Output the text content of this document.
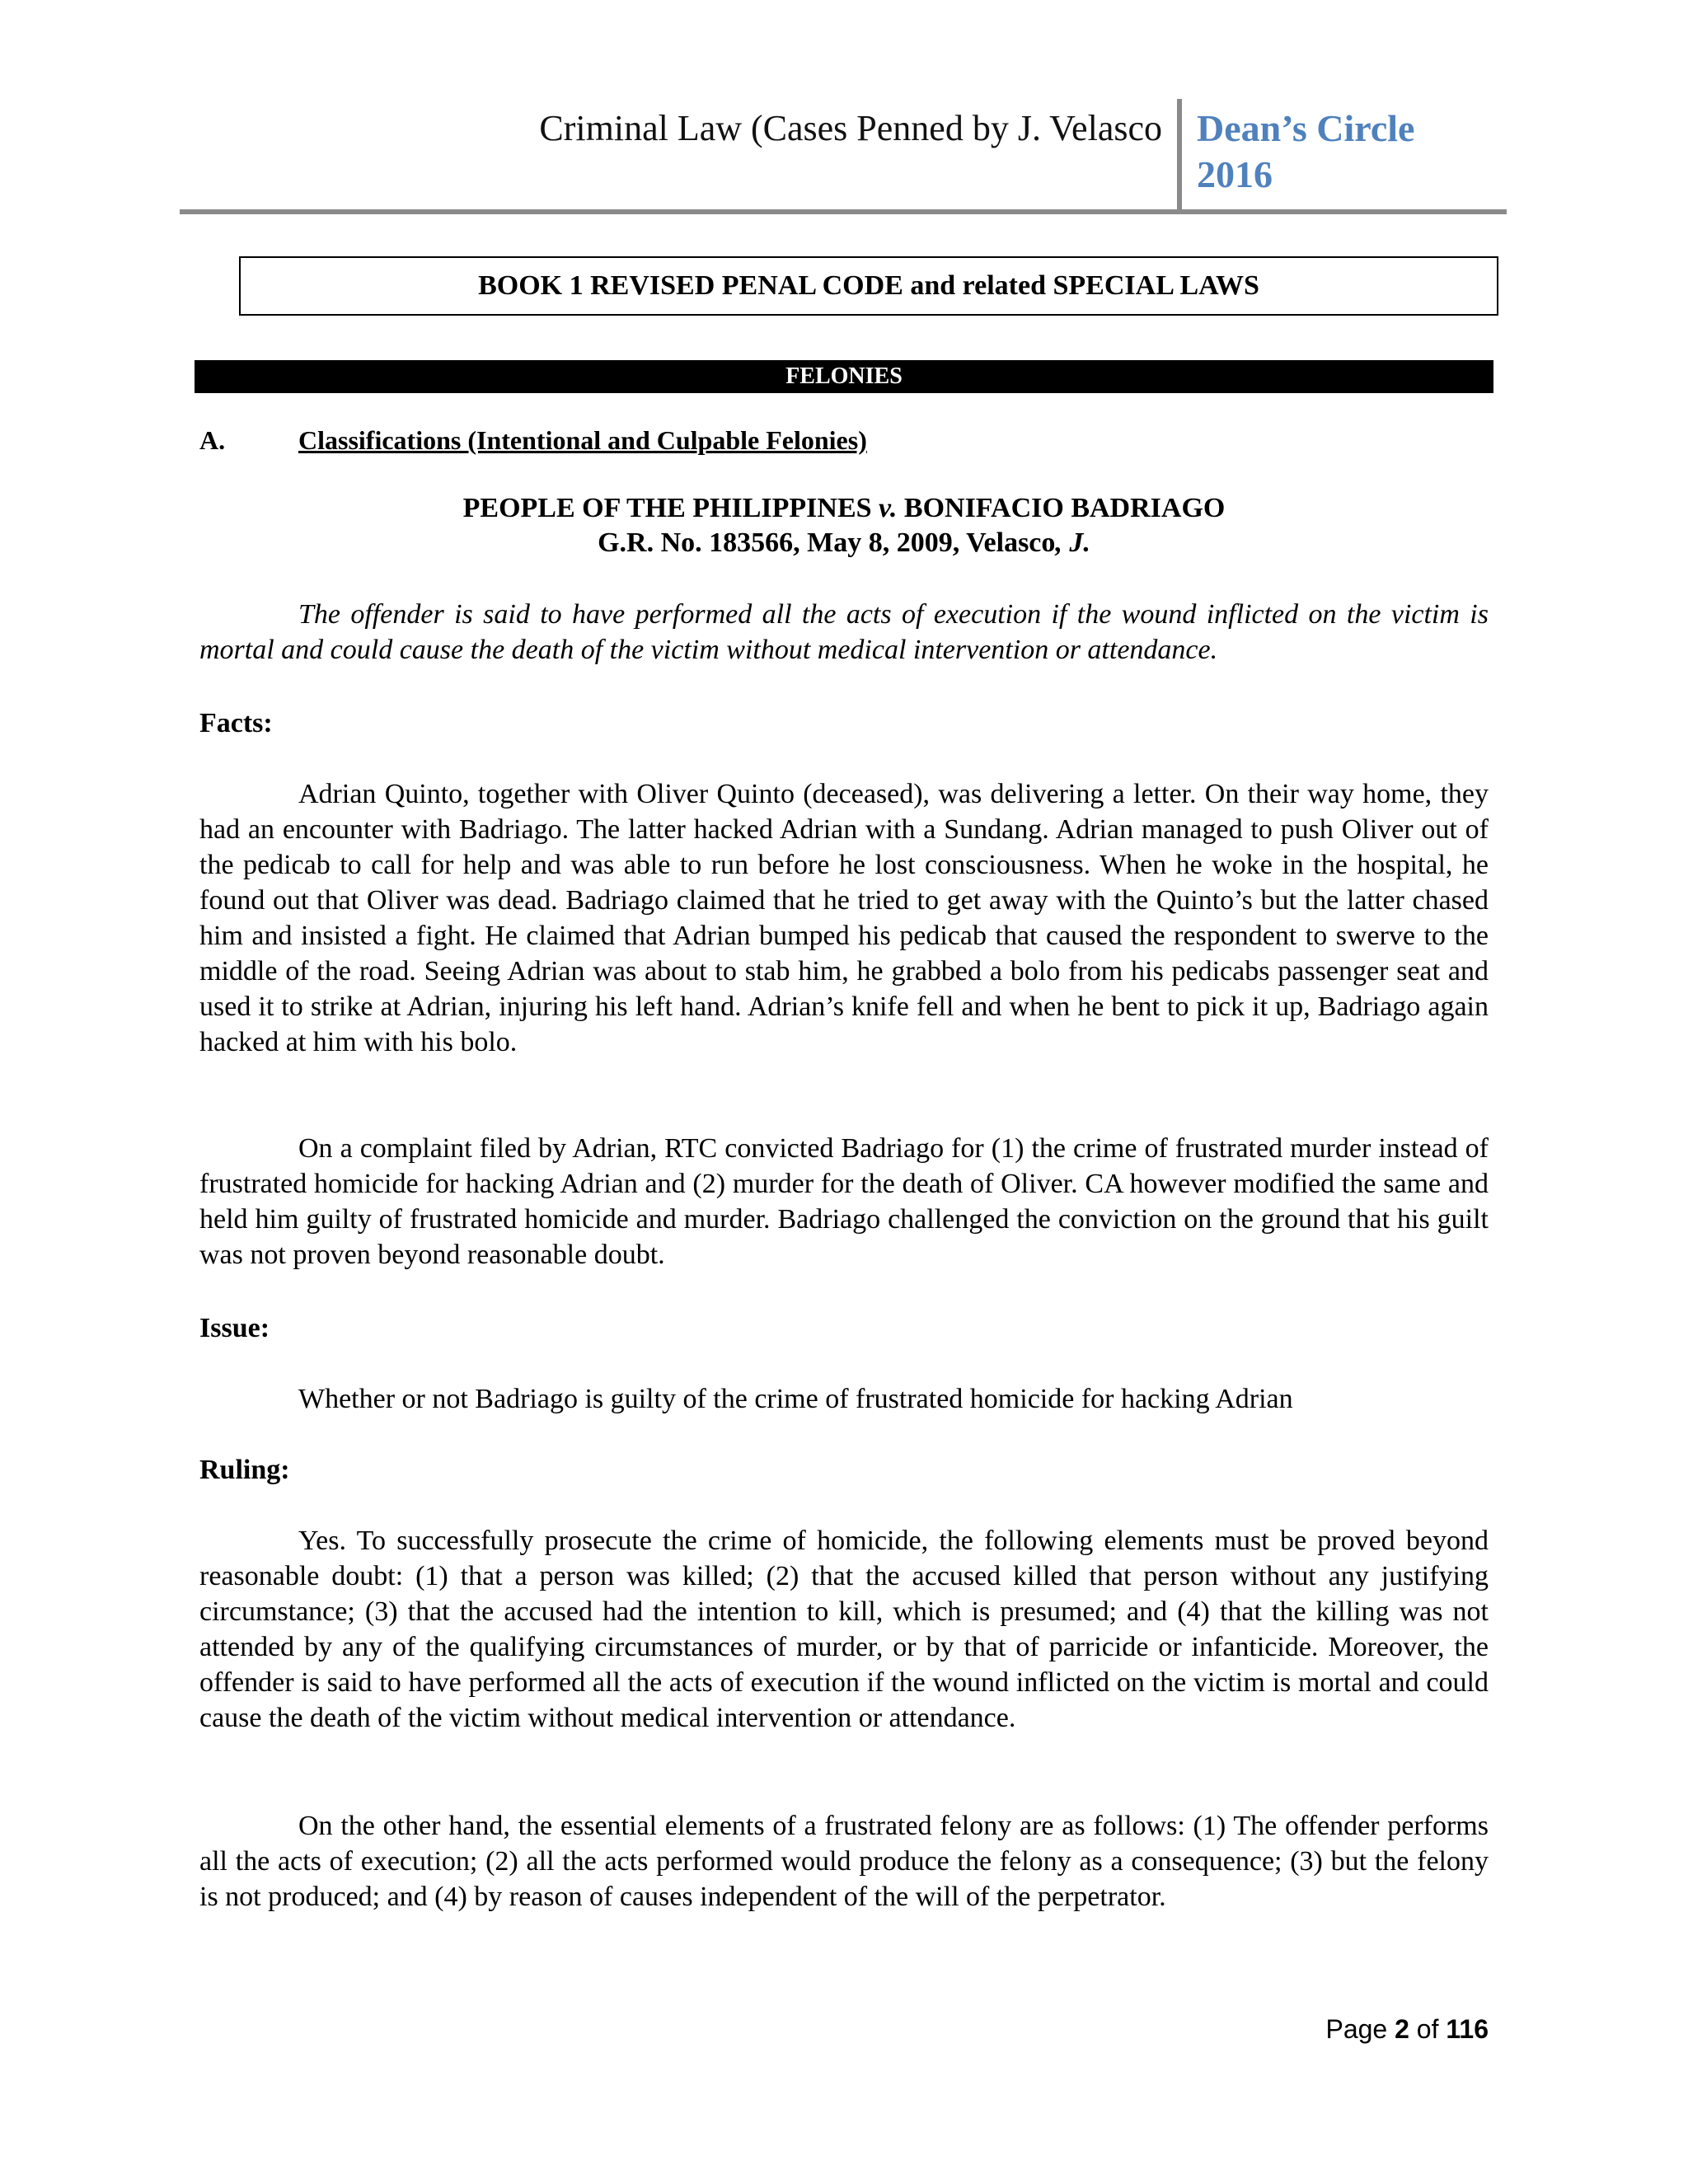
Criminal Law (Cases Penned by J. Velasco Dean’s Circle
2016
BOOK 1 REVISED PENAL CODE and related SPECIAL LAWS
FELONIES
A.	Classifications (Intentional and Culpable Felonies)
PEOPLE OF THE PHILIPPINES v. BONIFACIO BADRIAGO
G.R. No. 183566, May 8, 2009, Velasco, J.
The offender is said to have performed all the acts of execution if the wound inflicted on the victim is mortal and could cause the death of the victim without medical intervention or attendance.
Facts:
Adrian Quinto, together with Oliver Quinto (deceased), was delivering a letter. On their way home, they had an encounter with Badriago. The latter hacked Adrian with a Sundang. Adrian managed to push Oliver out of the pedicab to call for help and was able to run before he lost consciousness. When he woke in the hospital, he found out that Oliver was dead. Badriago claimed that he tried to get away with the Quinto’s but the latter chased him and insisted a fight. He claimed that Adrian bumped his pedicab that caused the respondent to swerve to the middle of the road. Seeing Adrian was about to stab him, he grabbed a bolo from his pedicabs passenger seat and used it to strike at Adrian, injuring his left hand. Adrian’s knife fell and when he bent to pick it up, Badriago again hacked at him with his bolo.
On a complaint filed by Adrian, RTC convicted Badriago for (1) the crime of frustrated murder instead of frustrated homicide for hacking Adrian and (2) murder for the death of Oliver. CA however modified the same and held him guilty of frustrated homicide and murder. Badriago challenged the conviction on the ground that his guilt was not proven beyond reasonable doubt.
Issue:
Whether or not Badriago is guilty of the crime of frustrated homicide for hacking Adrian
Ruling:
Yes. To successfully prosecute the crime of homicide, the following elements must be proved beyond reasonable doubt: (1) that a person was killed; (2) that the accused killed that person without any justifying circumstance; (3) that the accused had the intention to kill, which is presumed; and (4) that the killing was not attended by any of the qualifying circumstances of murder, or by that of parricide or infanticide. Moreover, the offender is said to have performed all the acts of execution if the wound inflicted on the victim is mortal and could cause the death of the victim without medical intervention or attendance.
On the other hand, the essential elements of a frustrated felony are as follows: (1) The offender performs all the acts of execution; (2) all the acts performed would produce the felony as a consequence; (3) but the felony is not produced; and (4) by reason of causes independent of the will of the perpetrator.
Page 2 of 116
